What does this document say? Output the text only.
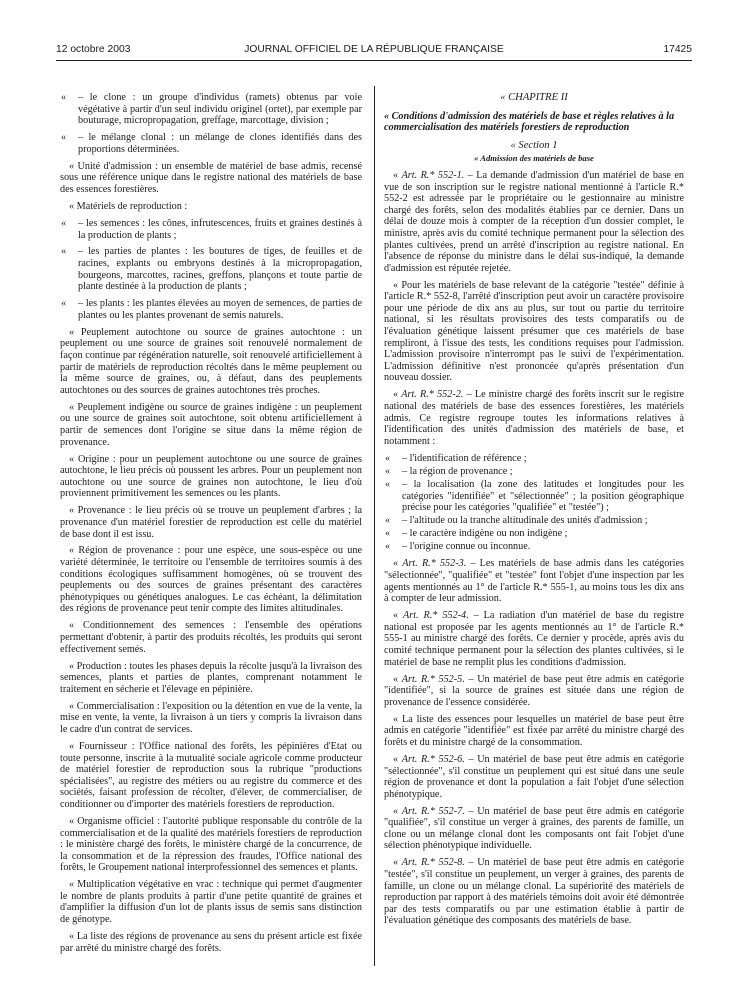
12 octobre 2003	JOURNAL OFFICIEL DE LA RÉPUBLIQUE FRANÇAISE	17425

« – le clone : un groupe d'individus (ramets) obtenus par voie végétative à partir d'un seul individu originel (ortet), par exemple par bouturage, micropropagation, greffage, marcottage, division ;

« – le mélange clonal : un mélange de clones identifiés dans des proportions déterminées.

« Unité d'admission : un ensemble de matériel de base admis, recensé sous une référence unique dans le registre national des matériels de base des essences forestières.

« Matériels de reproduction :

« – les semences : les cônes, infrutescences, fruits et graines destinés à la production de plants ;

« – les parties de plantes : les boutures de tiges, de feuilles et de racines, explants ou embryons destinés à la micropropagation, bourgeons, marcottes, racines, greffons, plançons et toute partie de plante destinée à la production de plants ;

« – les plants : les plantes élevées au moyen de semences, de parties de plantes ou les plantes provenant de semis naturels.

« Peuplement autochtone ou source de graines autochtone : un peuplement ou une source de graines soit renouvelé normalement de façon continue par régénération naturelle, soit renouvelé artificiellement à partir de matériels de reproduction récoltés dans le même peuplement ou la même source de graines, ou, à défaut, dans des peuplements autochtones ou des sources de graines autochtones très proches.

« Peuplement indigène ou source de graines indigène : un peuplement ou une source de graines soit autochtone, soit obtenu artificiellement à partir de semences dont l'origine se situe dans la même région de provenance.

« Origine : pour un peuplement autochtone ou une source de graines autochtone, le lieu précis où poussent les arbres. Pour un peuplement non autochtone ou une source de graines non autochtone, le lieu d'où proviennent primitivement les semences ou les plants.

« Provenance : le lieu précis où se trouve un peuplement d'arbres ; la provenance d'un matériel forestier de reproduction est celle du matériel de base dont il est issu.

« Région de provenance : pour une espèce, une sous-espèce ou une variété déterminée, le territoire ou l'ensemble de territoires soumis à des conditions écologiques suffisamment homogènes, où se trouvent des peuplements ou des sources de graines présentant des caractères phénotypiques ou génétiques analogues. Le cas échéant, la délimitation des régions de provenance peut tenir compte des limites altitudinales.

« Conditionnement des semences : l'ensemble des opérations permettant d'obtenir, à partir des produits récoltés, les produits qui seront effectivement semés.

« Production : toutes les phases depuis la récolte jusqu'à la livraison des semences, plants et parties de plantes, comprenant notamment le traitement en sécherie et l'élevage en pépinière.

« Commercialisation : l'exposition ou la détention en vue de la vente, la mise en vente, la vente, la livraison à un tiers y compris la livraison dans le cadre d'un contrat de services.

« Fournisseur : l'Office national des forêts, les pépinières d'Etat ou toute personne, inscrite à la mutualité sociale agricole comme producteur de matériel forestier de reproduction sous la rubrique "productions spécialisées", au registre des métiers ou au registre du commerce et des sociétés, faisant profession de récolter, d'élever, de commercialiser, de conditionner ou d'importer des matériels forestiers de reproduction.

« Organisme officiel : l'autorité publique responsable du contrôle de la commercialisation et de la qualité des matériels forestiers de reproduction : le ministère chargé des forêts, le ministère chargé de la concurrence, de la consommation et de la répression des fraudes, l'Office national des forêts, le Groupement national interprofessionnel des semences et plants.

« Multiplication végétative en vrac : technique qui permet d'augmenter le nombre de plants produits à partir d'une petite quantité de graines et d'amplifier la diffusion d'un lot de plants issus de semis sans distinction de génotype.

« La liste des régions de provenance au sens du présent article est fixée par arrêté du ministre chargé des forêts.

« CHAPITRE II
« Conditions d'admission des matériels de base et règles relatives à la commercialisation des matériels forestiers de reproduction
« Section 1
« Admission des matériels de base

« Art. R.* 552-1. – La demande d'admission d'un matériel de base en vue de son inscription sur le registre national mentionné à l'article R.* 552-2 est adressée par le propriétaire ou le gestionnaire au ministre chargé des forêts, selon des modalités établies par ce dernier. Dans un délai de douze mois à compter de la réception d'un dossier complet, le ministre, après avis du comité technique permanent pour la sélection des plantes cultivées, prend un arrêté d'inscription au registre national. En l'absence de réponse du ministre dans le délai sus-indiqué, la demande d'admission est réputée rejetée.

« Pour les matériels de base relevant de la catégorie "testée" définie à l'article R.* 552-8, l'arrêté d'inscription peut avoir un caractère provisoire pour une période de dix ans au plus, sur tout ou partie du territoire national, si les résultats provisoires des tests comparatifs ou de l'évaluation génétique laissent présumer que ces matériels de base rempliront, à l'issue des tests, les conditions requises pour l'admission. L'admission provisoire n'interrompt pas le suivi de l'expérimentation. L'admission définitive n'est prononcée qu'après présentation d'un nouveau dossier.

« Art. R.* 552-2. – Le ministre chargé des forêts inscrit sur le registre national des matériels de base des essences forestières, les matériels admis. Ce registre regroupe toutes les informations relatives à l'identification des unités d'admission des matériels de base, et notamment :

« – l'identification de référence ;

« – la région de provenance ;

« – la localisation (la zone des latitudes et longitudes pour les catégories "identifiée" et "sélectionnée" ; la position géographique précise pour les catégories "qualifiée" et "testée") ;

« – l'altitude ou la tranche altitudinale des unités d'admission ;

« – le caractère indigène ou non indigène ;

« – l'origine connue ou inconnue.

« Art. R.* 552-3. – Les matériels de base admis dans les catégories "sélectionnée", "qualifiée" et "testée" font l'objet d'une inspection par les agents mentionnés au 1° de l'article R.* 555-1, au moins tous les dix ans à compter de leur admission.

« Art. R.* 552-4. – La radiation d'un matériel de base du registre national est proposée par les agents mentionnés au 1° de l'article R.* 555-1 au ministre chargé des forêts. Ce dernier y procède, après avis du comité technique permanent pour la sélection des plantes cultivées, si le matériel de base ne remplit plus les conditions d'admission.

« Art. R.* 552-5. – Un matériel de base peut être admis en catégorie "identifiée", si la source de graines est située dans une région de provenance de l'essence considérée.

« La liste des essences pour lesquelles un matériel de base peut être admis en catégorie "identifiée" est fixée par arrêté du ministre chargé des forêts et du ministre chargé de la consommation.

« Art. R.* 552-6. – Un matériel de base peut être admis en catégorie "sélectionnée", s'il constitue un peuplement qui est situé dans une seule région de provenance et dont la population a fait l'objet d'une sélection phénotypique.

« Art. R.* 552-7. – Un matériel de base peut être admis en catégorie "qualifiée", s'il constitue un verger à graines, des parents de famille, un clone ou un mélange clonal dont les composants ont fait l'objet d'une sélection phénotypique individuelle.

« Art. R.* 552-8. – Un matériel de base peut être admis en catégorie "testée", s'il constitue un peuplement, un verger à graines, des parents de famille, un clone ou un mélange clonal. La supériorité des matériels de reproduction par rapport à des matériels témoins doit avoir été démontrée par des tests comparatifs ou par une estimation établie à partir de l'évaluation génétique des composants des matériels de base.
